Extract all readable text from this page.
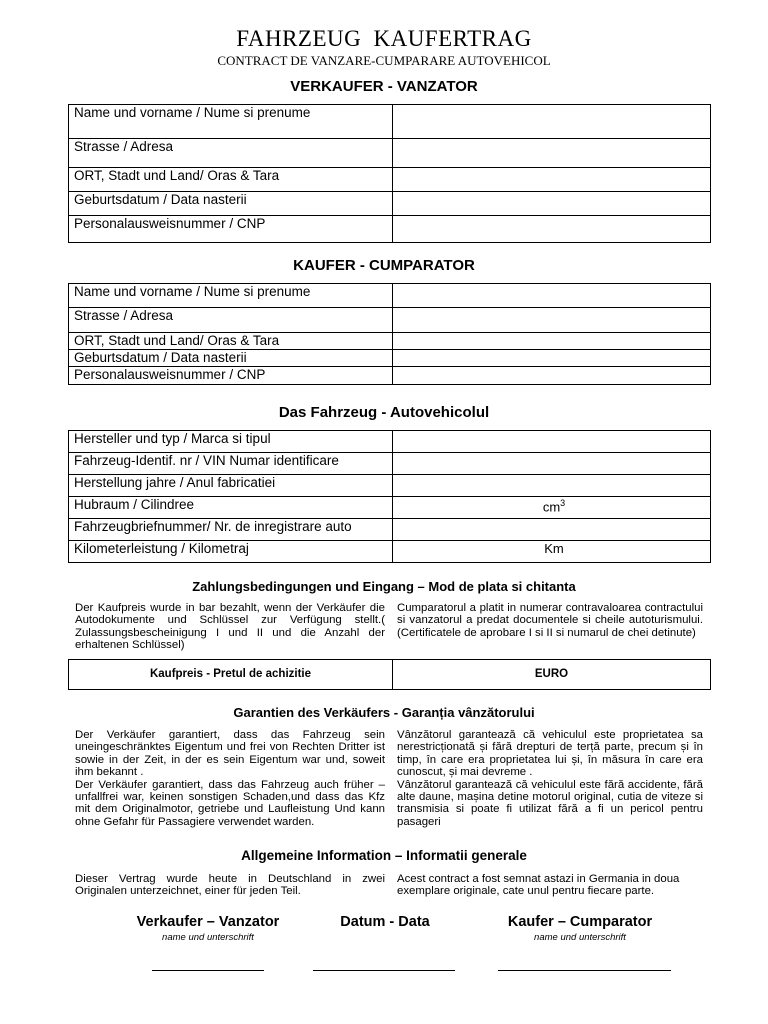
FAHRZEUG KAUFERTRAG
CONTRACT DE VANZARE-CUMPARARE AUTOVEHICOL
VERKAUFER - VANZATOR
Name und vorname / Nume si prenume	
Strasse / Adresa	
ORT, Stadt und Land/ Oras & Tara	
Geburtsdatum / Data nasterii	
Personalausweisnummer / CNP	
KAUFER - CUMPARATOR
Name und vorname / Nume si prenume	
Strasse / Adresa	
ORT, Stadt und Land/ Oras & Tara	
Geburtsdatum / Data nasterii	
Personalausweisnummer / CNP	
Das Fahrzeug - Autovehicolul
Hersteller und typ / Marca si tipul	
Fahrzeug-Identif. nr / VIN Numar identificare	
Herstellung jahre / Anul fabricatiei	
Hubraum / Cilindree	$cm^3$
Fahrzeugbriefnummer/ Nr. de inregistrare auto	
Kilometerleistung / Kilometraj	Km
Zahlungsbedingungen und Eingang – Mod de plata si chitanta
Der Kaufpreis wurde in bar bezahlt, wenn der Verkäufer die Autodokumente und Schlüssel zur Verfügung stellt.( Zulassungsbescheinigung I und II und die Anzahl der erhaltenen Schlüssel)
Cumparatorul a platit in numerar contravaloarea contractului si vanzatorul a predat documentele si cheile autoturismului. (Certificatele de aprobare I si II si numarul de chei detinute)
Kaufpreis - Pretul de achizitie	EURO
Garantien des Verkäufers - Garanția vânzătorului
Der Verkäufer garantiert, dass das Fahrzeug sein uneingeschränktes Eigentum und frei von Rechten Dritter ist sowie in der Zeit, in der es sein Eigentum war und, soweit ihm bekannt .
Der Verkäufer garantiert, dass das Fahrzeug auch früher – unfallfrei war, keinen sonstigen Schaden,und dass das Kfz mit dem Originalmotor, getriebe und Laufleistung Und kann ohne Gefahr für Passagiere verwendet warden.
Vânzătorul garantează că vehiculul este proprietatea sa nerestricționată și fără drepturi de terță parte, precum și în timp, în care era proprietatea lui și, în măsura în care era cunoscut, și mai devreme .
Vânzătorul garantează că vehiculul este fără accidente, fără alte daune, mașina detine motorul original, cutia de viteze si transmisia si poate fi utilizat fără a fi un pericol pentru pasageri
Allgemeine Information – Informatii generale
Dieser Vertrag wurde heute in Deutschland in zwei Originalen unterzeichnet, einer für jeden Teil.
Acest contract a fost semnat astazi in Germania in doua exemplare originale, cate unul pentru fiecare parte.
Verkaufer – Vanzator
name und unterschrift
Datum - Data	Kaufer – Cumparator
name und unterschrift
